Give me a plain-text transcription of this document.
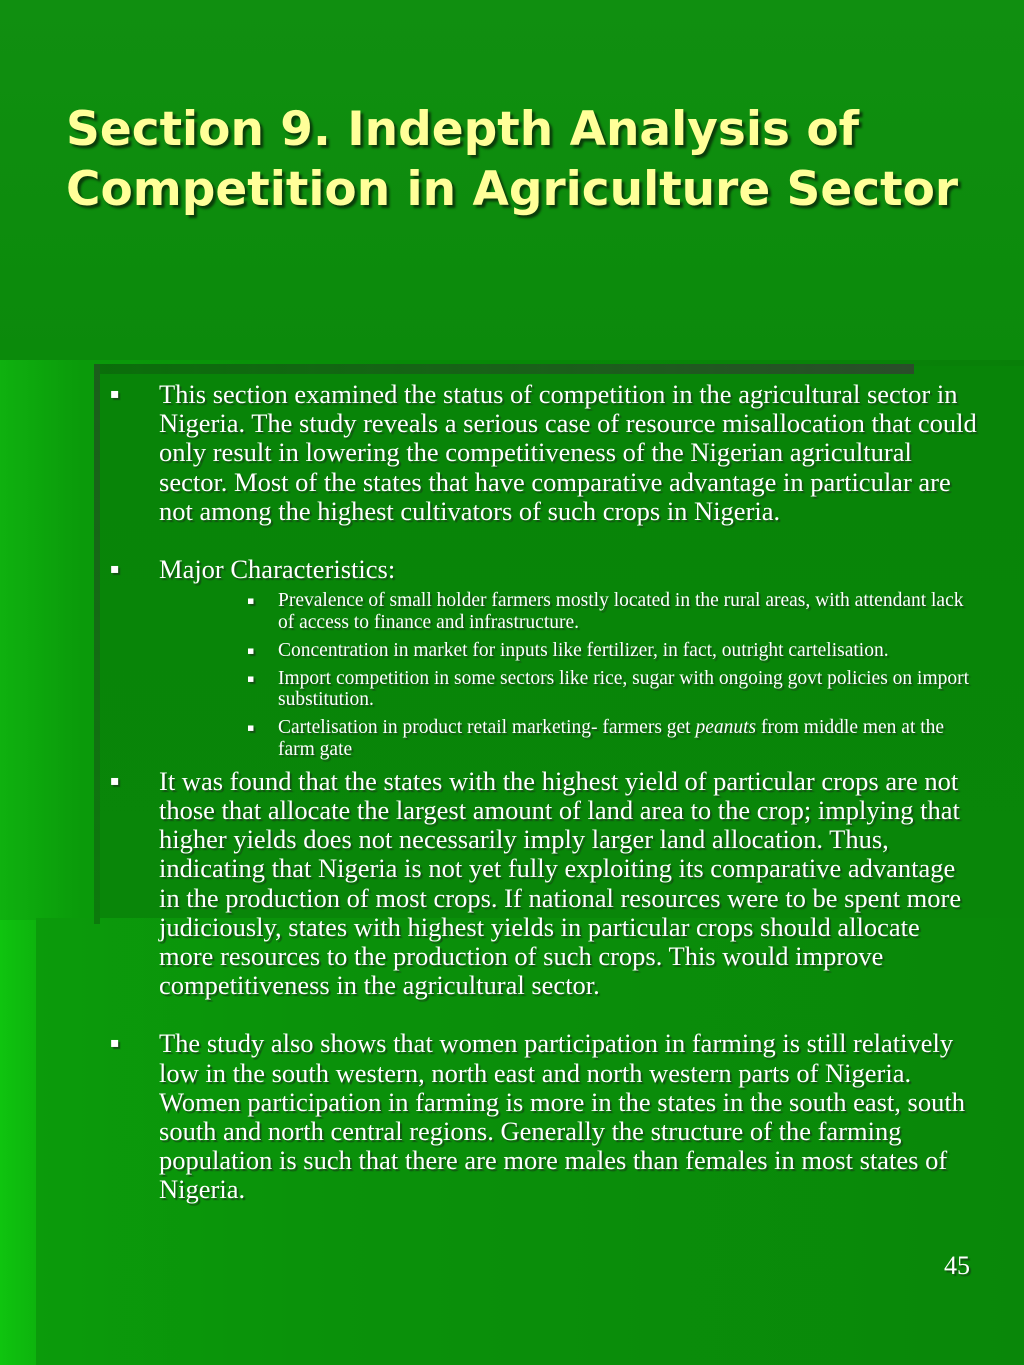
Section 9. Indepth Analysis of Competition in Agriculture Sector
▪ This section examined the status of competition in the agricultural sector in Nigeria. The study reveals a serious case of resource misallocation that could only result in lowering the competitiveness of the Nigerian agricultural sector. Most of the states that have comparative advantage in particular are not among the highest cultivators of such crops in Nigeria.
▪ Major Characteristics:
▪ Prevalence of small holder farmers mostly located in the rural areas, with attendant lack of access to finance and infrastructure.
▪ Concentration in market for inputs like fertilizer, in fact, outright cartelisation.
▪ Import competition in some sectors like rice, sugar with ongoing govt policies on import substitution.
▪ Cartelisation in product retail marketing- farmers get peanuts from middle men at the farm gate
▪ It was found that the states with the highest yield of particular crops are not those that allocate the largest amount of land area to the crop; implying that higher yields does not necessarily imply larger land allocation. Thus, indicating that Nigeria is not yet fully exploiting its comparative advantage in the production of most crops. If national resources were to be spent more judiciously, states with highest yields in particular crops should allocate more resources to the production of such crops. This would improve competitiveness in the agricultural sector.
▪ The study also shows that women participation in farming is still relatively low in the south western, north east and north western parts of Nigeria. Women participation in farming is more in the states in the south east, south south and north central regions. Generally the structure of the farming population is such that there are more males than females in most states of Nigeria.
45
